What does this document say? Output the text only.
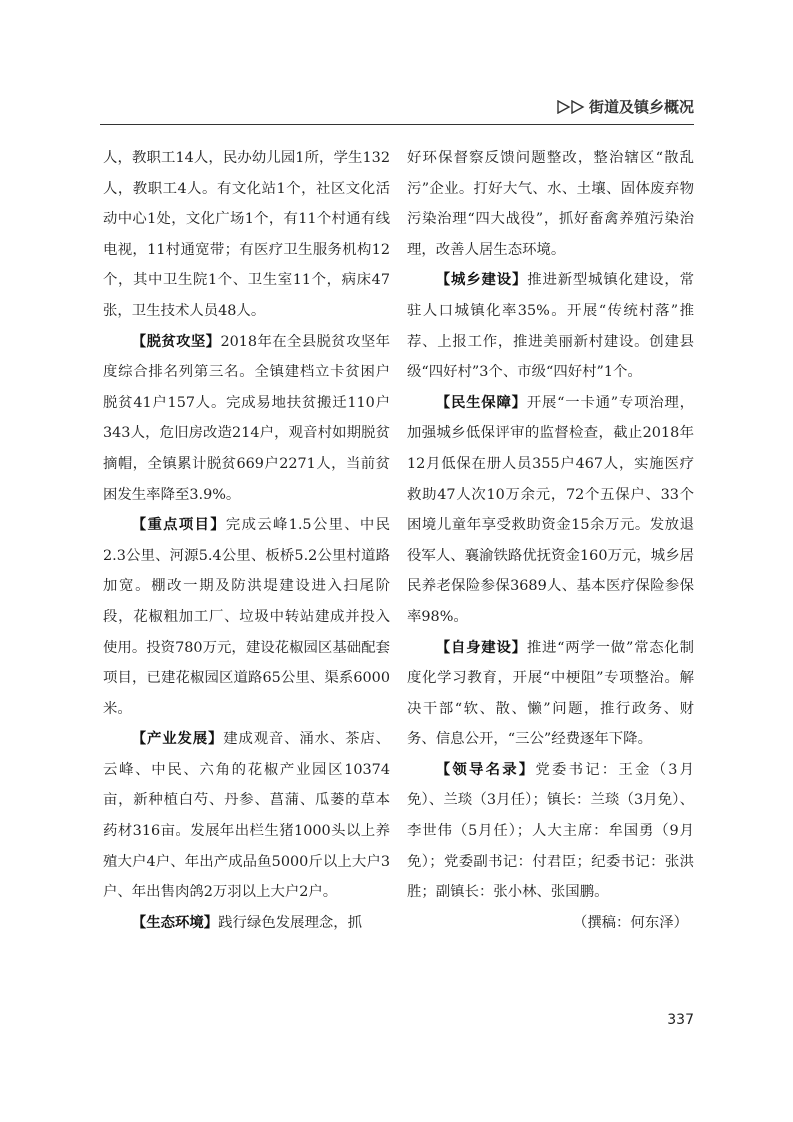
街道及镇乡概况

人，教职工14人，民办幼儿园1所，学生132人，教职工4人。有文化站1个，社区文化活动中心1处，文化广场1个，有11个村通有线电视，11村通宽带；有医疗卫生服务机构12个，其中卫生院1个、卫生室11个，病床47张，卫生技术人员48人。

【脱贫攻坚】2018年在全县脱贫攻坚年度综合排名列第三名。全镇建档立卡贫困户脱贫41户157人。完成易地扶贫搬迁110户343人，危旧房改造214户，观音村如期脱贫摘帽，全镇累计脱贫669户2271人，当前贫困发生率降至3.9%。

【重点项目】完成云峰1.5公里、中民2.3公里、河源5.4公里、板桥5.2公里村道路加宽。棚改一期及防洪堤建设进入扫尾阶段，花椒粗加工厂、垃圾中转站建成并投入使用。投资780万元，建设花椒园区基础配套项目，已建花椒园区道路65公里、渠系6000米。

【产业发展】建成观音、涌水、茶店、云峰、中民、六角的花椒产业园区10374亩，新种植白芍、丹参、菖蒲、瓜蒌的草本药材316亩。发展年出栏生猪1000头以上养殖大户4户、年出产成品鱼5000斤以上大户3户、年出售肉鸽2万羽以上大户2户。

【生态环境】践行绿色发展理念，抓

好环保督察反馈问题整改，整治辖区“散乱污”企业。打好大气、水、土壤、固体废弃物污染治理“四大战役”，抓好畜禽养殖污染治理，改善人居生态环境。

【城乡建设】推进新型城镇化建设，常驻人口城镇化率35%。开展“传统村落”推荐、上报工作，推进美丽新村建设。创建县级“四好村”3个、市级“四好村”1个。

【民生保障】开展“一卡通”专项治理，加强城乡低保评审的监督检查，截止2018年12月低保在册人员355户467人，实施医疗救助47人次10万余元，72个五保户、33个困境儿童年享受救助资金15余万元。发放退役军人、襄渝铁路优抚资金160万元，城乡居民养老保险参保3689人、基本医疗保险参保率98%。

【自身建设】推进“两学一做”常态化制度化学习教育，开展“中梗阻”专项整治。解决干部“软、散、懒”问题，推行政务、财务、信息公开，“三公”经费逐年下降。

【领导名录】党委书记：王金（3月免）、兰琰（3月任）；镇长：兰琰（3月免）、李世伟（5月任）；人大主席：牟国勇（9月免）；党委副书记：付君臣；纪委书记：张洪胜；副镇长：张小林、张国鹏。

（撰稿：何东泽）

337
